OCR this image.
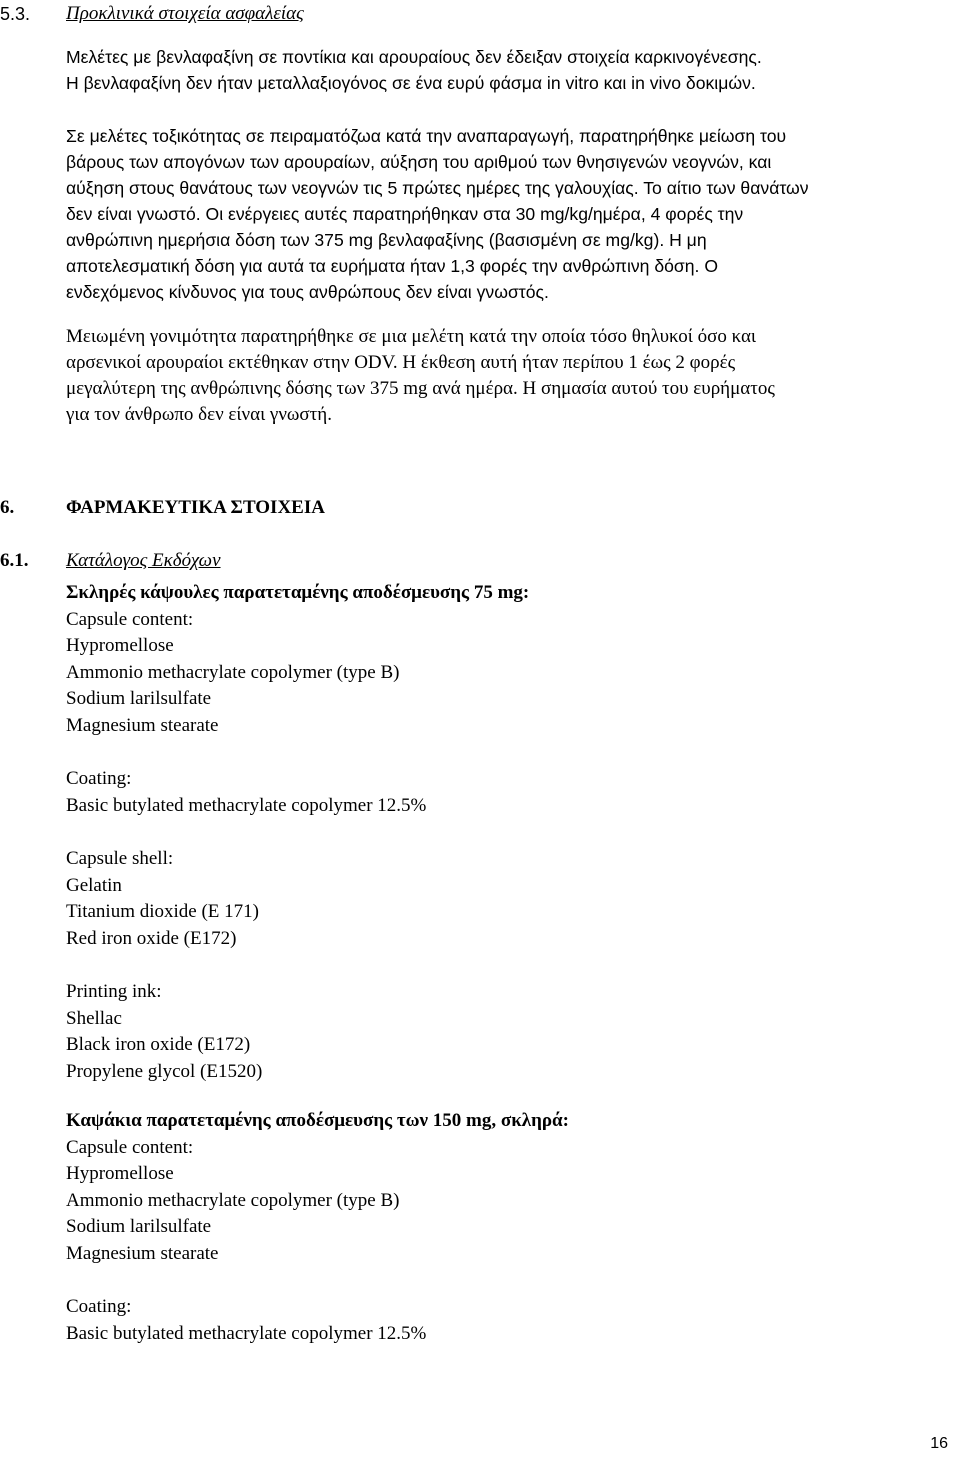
5.3. Προκλινικά στοιχεία ασφαλείας
Μελέτες με βενλαφαξίνη σε ποντίκια και αρουραίους δεν έδειξαν στοιχεία καρκινογένεσης.
Η βενλαφαξίνη δεν ήταν μεταλλαξιογόνος σε ένα ευρύ φάσμα in vitro και in vivo δοκιμών.
Σε μελέτες τοξικότητας σε πειραματόζωα κατά την αναπαραγωγή, παρατηρήθηκε μείωση του
βάρους των απογόνων των αρουραίων, αύξηση του αριθμού των θνησιγενών νεογνών, και
αύξηση στους θανάτους των νεογνών τις 5 πρώτες ημέρες της γαλουχίας. Το αίτιο των θανάτων
δεν είναι γνωστό. Οι ενέργειες αυτές παρατηρήθηκαν στα 30 mg/kg/ημέρα, 4 φορές την
ανθρώπινη ημερήσια δόση των 375 mg βενλαφαξίνης (βασισμένη σε mg/kg). Η μη
αποτελεσματική δόση για αυτά τα ευρήματα ήταν 1,3 φορές την ανθρώπινη δόση. Ο
ενδεχόμενος κίνδυνος για τους ανθρώπους δεν είναι γνωστός.
Μειωμένη γονιμότητα παρατηρήθηκε σε μια μελέτη κατά την οποία τόσο θηλυκοί όσο και
αρσενικοί αρουραίοι εκτέθηκαν στην ODV. Η έκθεση αυτή ήταν περίπου 1 έως 2 φορές
μεγαλύτερη της ανθρώπινης δόσης των 375 mg ανά ημέρα. Η σημασία αυτού του ευρήματος
για τον άνθρωπο δεν είναι γνωστή.
6.	ΦΑΡΜΑΚΕΥΤΙΚΑ ΣΤΟΙΧΕΙΑ
6.1. Κατάλογος Εκδόχων
Σκληρές κάψουλες παρατεταμένης αποδέσμευσης 75 mg:
Capsule content:
Hypromellose
Ammonio methacrylate copolymer (type B)
Sodium larilsulfate
Magnesium stearate

Coating:
Basic butylated methacrylate copolymer 12.5%

Capsule shell:
Gelatin
Titanium dioxide (E 171)
Red iron oxide (E172)

Printing ink:
Shellac
Black iron oxide (E172)
Propylene glycol (E1520)
Καψάκια παρατεταμένης αποδέσμευσης των 150 mg, σκληρά:
Capsule content:
Hypromellose
Ammonio methacrylate copolymer (type B)
Sodium larilsulfate
Magnesium stearate

Coating:
Basic butylated methacrylate copolymer 12.5%
16
